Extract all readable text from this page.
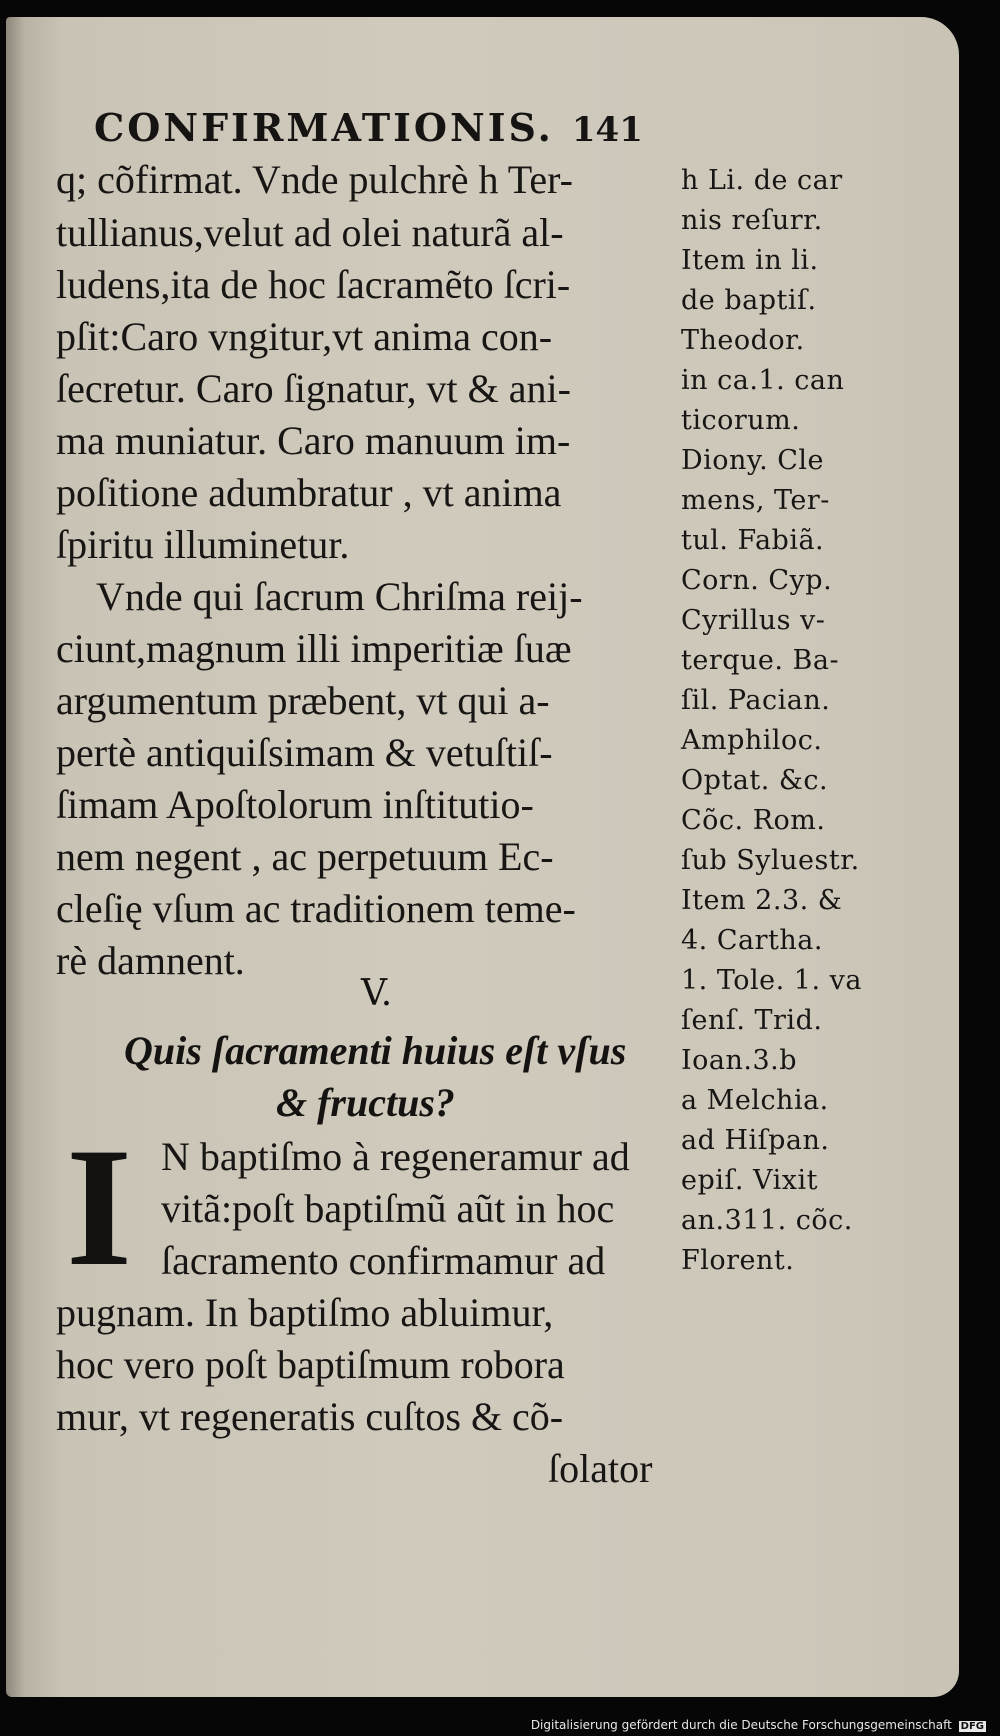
CONFIRMATIONIS. 141
q; cõfirmat. Vnde pulchrè h Ter-
tullianus,velut ad olei naturã al-
ludens,ita de hoc ſacramẽto ſcri-
pſit:Caro vngitur,vt anima con-
ſecretur. Caro ſignatur, vt & ani-
ma muniatur. Caro manuum im-
poſitione adumbratur , vt anima
ſpiritu illuminetur.
Vnde qui ſacrum Chriſma reij-
ciunt,magnum illi imperitiæ ſuæ
argumentum præbent, vt qui a-
pertè antiquiſsimam & vetuſtiſ-
ſimam Apoſtolorum inſtitutio-
nem negent , ac perpetuum Ec-
cleſię vſum ac traditionem teme-
rè damnent.
V.
Quis ſacramenti huius eſt vſus
& fructus?
I N baptiſmo à regeneramur ad
vitã:poſt baptiſmũ aũt in hoc
ſacramento confirmamur ad
pugnam. In baptiſmo abluimur,
hoc vero poſt baptiſmum robora
mur, vt regeneratis cuſtos & cõ-
ſolator
h Li. de car
nis reſurr.
Item in li.
de baptiſ.
Theodor.
in ca.1. can
ticorum.
Diony. Cle
mens, Ter-
tul. Fabiã.
Corn. Cyp.
Cyrillus v-
terque. Ba-
ſil. Pacian.
Amphiloc.
Optat. &c.
Cõc. Rom.
ſub Syluestr.
Item 2.3. &
4. Cartha.
1. Tole. 1. va
ſenſ. Trid.
Ioan.3.b
a Melchia.
ad Hiſpan.
epiſ. Vixit
an.311. cõc.
Florent.
Digitalisierung gefördert durch die Deutsche Forschungsgemeinschaft DFG
